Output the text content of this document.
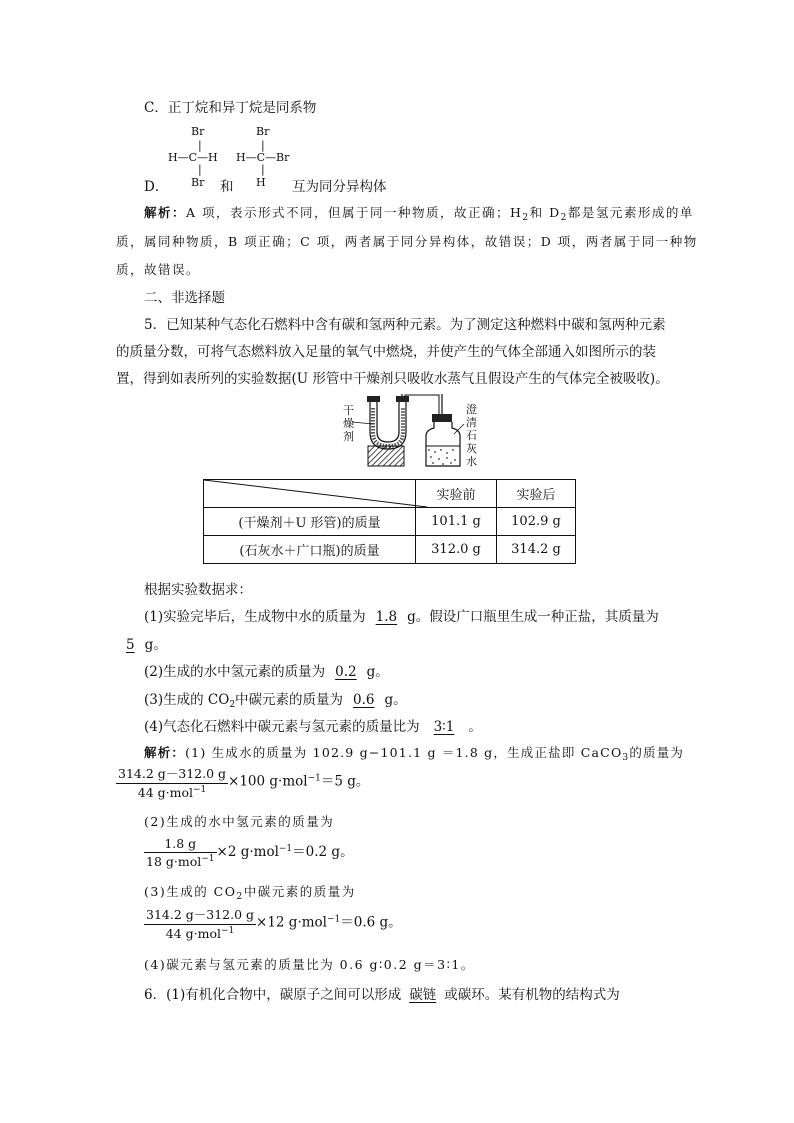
C．正丁烷和异丁烷是同系物
Br
|
H—C—H
|
Br
|
H—C—Br
|
D． Br 和 H 互为同分异构体
解析：A 项，表示形式不同，但属于同一种物质，故正确；$H_2$和 $D_2$都是氢元素形成的单
质，属同种物质，B 项正确；C 项，两者属于同分异构体，故错误；D 项，两者属于同一种物
质，故错误。
二、非选择题
5．已知某种气态化石燃料中含有碳和氢两种元素。为了测定这种燃料中碳和氢两种元素
的质量分数，可将气态燃料放入足量的氧气中燃烧，并使产生的气体全部通入如图所示的装
置，得到如表所列的实验数据(U 形管中干燥剂只吸收水蒸气且假设产生的气体完全被吸收)。
干
燥
剂
澄
清
石
灰
水
	实验前	实验后
(干燥剂＋U 形管)的质量	101.1 g	102.9 g
(石灰水＋广口瓶)的质量	312.0 g	314.2 g
根据实验数据求：
(1)实验完毕后，生成物中水的质量为 1.8 g。假设广口瓶里生成一种正盐，其质量为
5 g。
(2)生成的水中氢元素的质量为 0.2 g。
(3)生成的 $CO_2$中碳元素的质量为 0.6 g。
(4)气态化石燃料中碳元素与氢元素的质量比为 3∶1 。
解析：(1) 生成水的质量为 102.9 g−101.1 g ＝1.8 g，生成正盐即 CaCO$_3$的质量为
$\frac{314.2 g-312.0 g}{44 g\cdot mol^{-1}} \times 100$ g·mol$^{-1}$＝5 g。
(2)生成的水中氢元素的质量为
$\frac{1.8 g}{18 g\cdot mol^{-1}} \times 2$ g·mol$^{-1}$＝0.2 g。
(3)生成的 $CO_2$中碳元素的质量为
$\frac{314.2 g-312.0 g}{44 g\cdot mol^{-1}} \times 12$ g·mol$^{-1}$＝0.6 g。
(4)碳元素与氢元素的质量比为 0.6 g∶0.2 g＝3∶1。
6．(1)有机化合物中，碳原子之间可以形成 碳链 或碳环。某有机物的结构式为
